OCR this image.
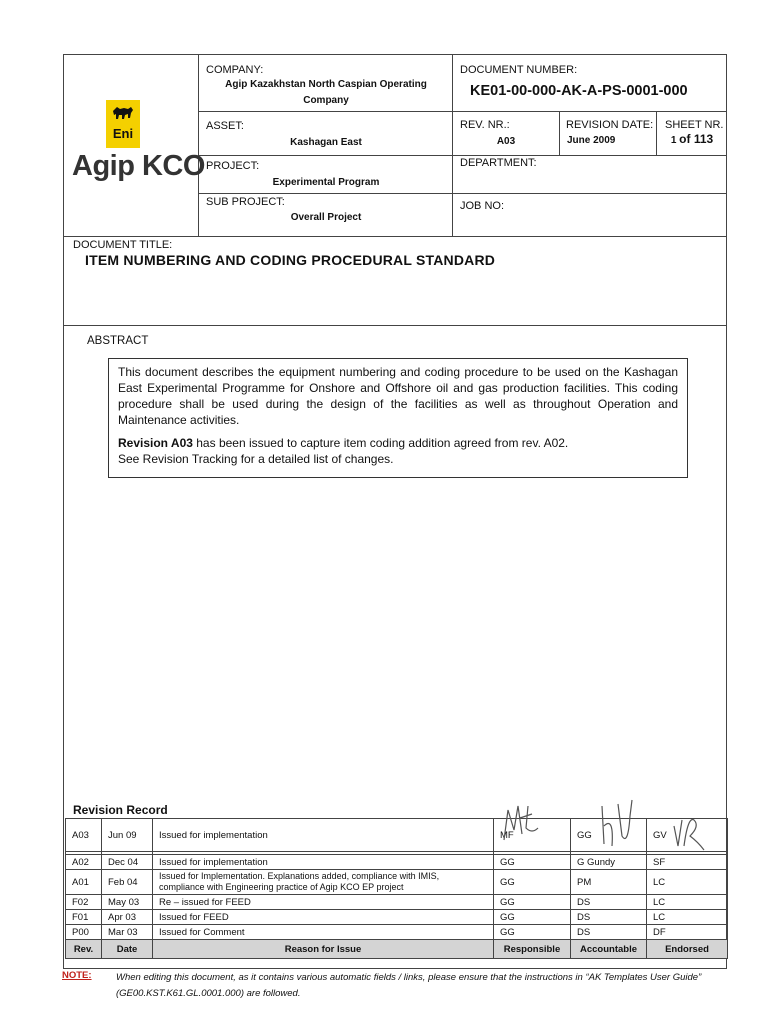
Eni
Agip KCO
COMPANY:
Agip Kazakhstan North Caspian Operating
Company
DOCUMENT NUMBER:
KE01-00-000-AK-A-PS-0001-000
ASSET:
Kashagan East
REV. NR.:
A03
REVISION DATE:
June 2009
SHEET NR.
1 of 113
PROJECT:
Experimental Program
DEPARTMENT:
SUB PROJECT:
Overall Project
JOB NO:
DOCUMENT TITLE:
ITEM NUMBERING AND CODING PROCEDURAL STANDARD
ABSTRACT

This document describes the equipment numbering and coding procedure to be used on the Kashagan East Experimental Programme for Onshore and Offshore oil and gas production facilities. This coding procedure shall be used during the design of the facilities as well as throughout Operation and Maintenance activities.

Revision A03 has been issued to capture item coding addition agreed from rev. A02.

See Revision Tracking for a detailed list of changes.

Revision Record
A03	Jun 09	Issued for implementation	MF	GG	GV

A02	Dec 04	Issued for implementation	GG	G Gundy	SF
A01	Feb 04	Issued for Implementation. Explanations added, compliance with IMIS, compliance with Engineering practice of Agip KCO EP project	GG	PM	LC
F02	May 03	Re – issued for FEED	GG	DS	LC
F01	Apr 03	Issued for FEED	GG	DS	LC
P00	Mar 03	Issued for Comment	GG	DS	DF
Rev.	Date	Reason for Issue	Responsible	Accountable	Endorsed
NOTE:	When editing this document, as it contains various automatic fields / links, please ensure that the instructions in “AK Templates User Guide” (GE00.KST.K61.GL.0001.000) are followed.
